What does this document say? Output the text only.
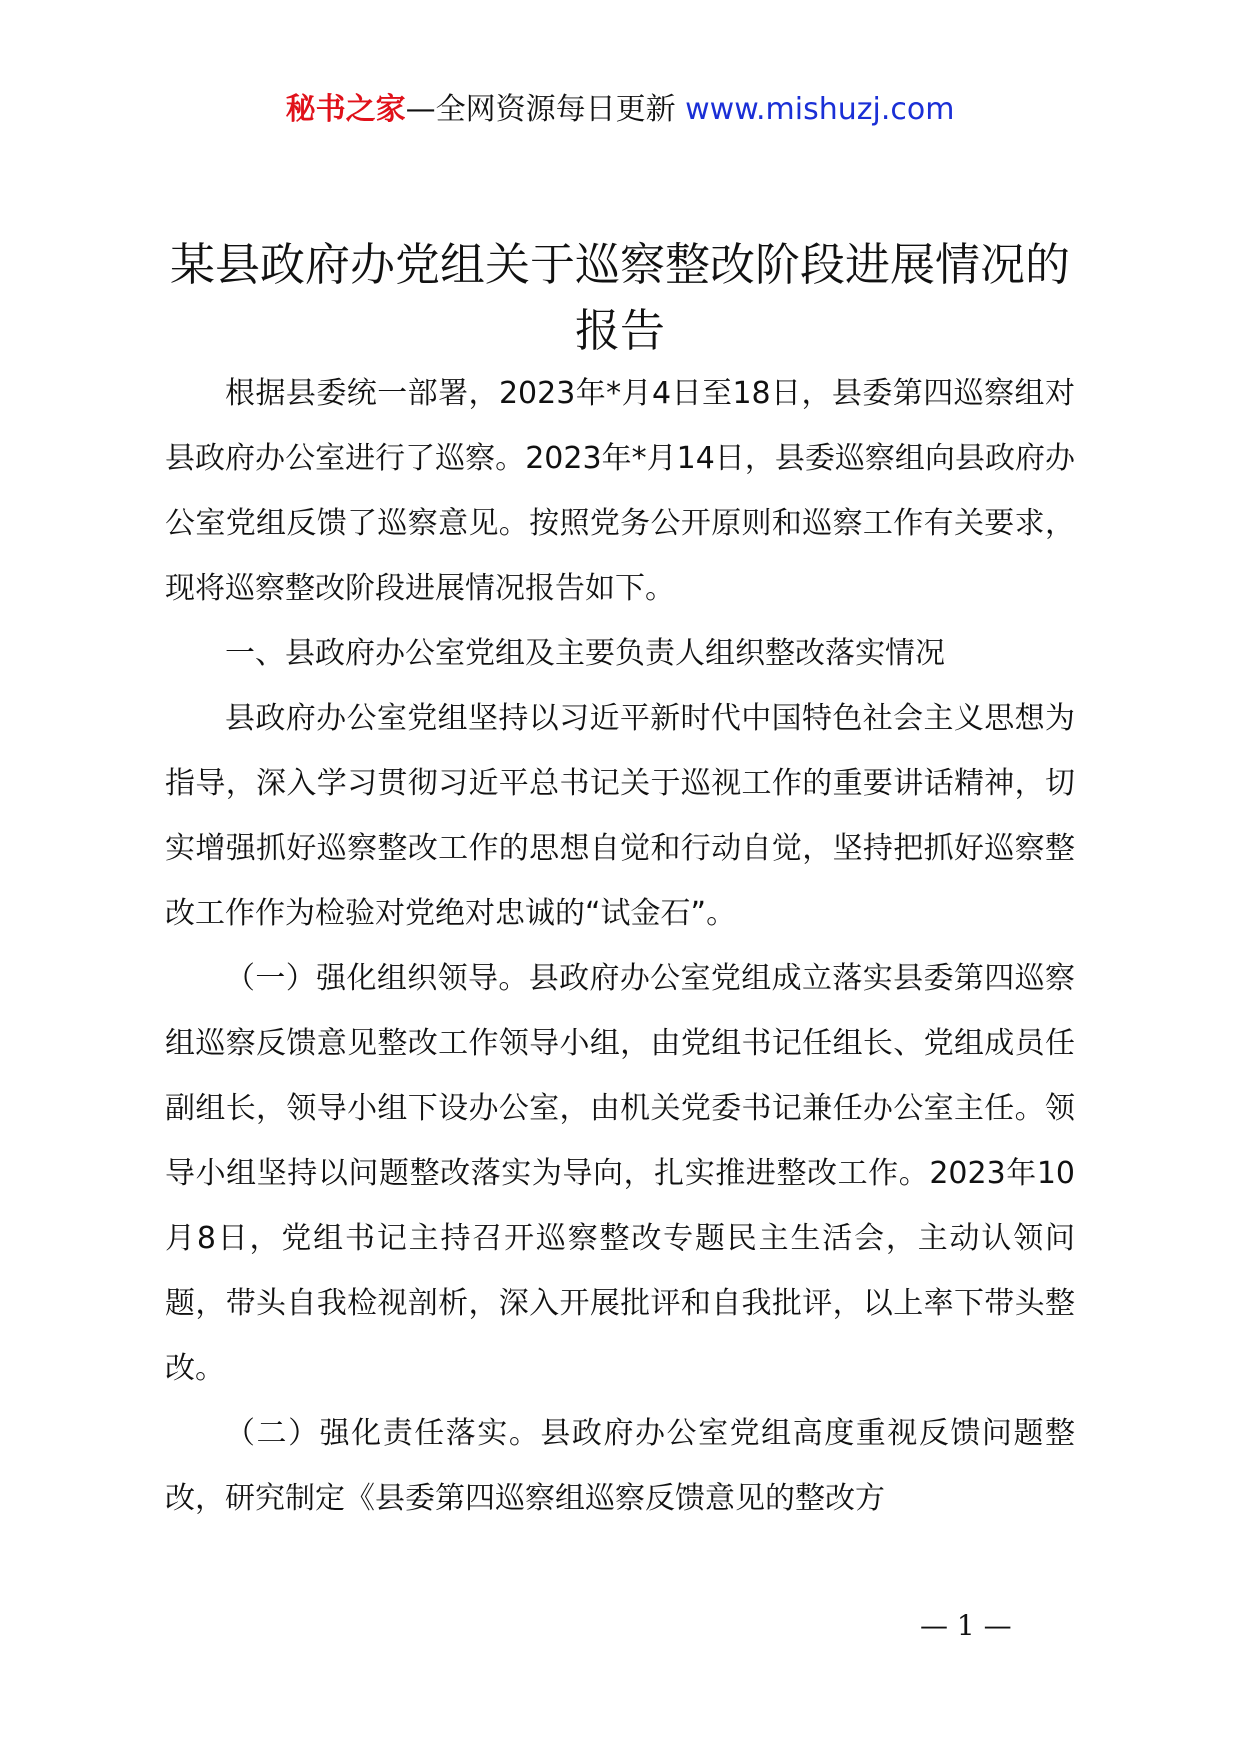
秘书之家—全网资源每日更新 www.mishuzj.com
某县政府办党组关于巡察整改阶段进展情况的报告

根据县委统一部署，2023年*月4日至18日，县委第四巡察组对县政府办公室进行了巡察。2023年*月14日，县委巡察组向县政府办公室党组反馈了巡察意见。按照党务公开原则和巡察工作有关要求，现将巡察整改阶段进展情况报告如下。

一、县政府办公室党组及主要负责人组织整改落实情况

县政府办公室党组坚持以习近平新时代中国特色社会主义思想为指导，深入学习贯彻习近平总书记关于巡视工作的重要讲话精神，切实增强抓好巡察整改工作的思想自觉和行动自觉，坚持把抓好巡察整改工作作为检验对党绝对忠诚的“试金石”。

（一）强化组织领导。县政府办公室党组成立落实县委第四巡察组巡察反馈意见整改工作领导小组，由党组书记任组长、党组成员任副组长，领导小组下设办公室，由机关党委书记兼任办公室主任。领导小组坚持以问题整改落实为导向，扎实推进整改工作。2023年10月8日，党组书记主持召开巡察整改专题民主生活会，主动认领问题，带头自我检视剖析，深入开展批评和自我批评，以上率下带头整改。

（二）强化责任落实。县政府办公室党组高度重视反馈问题整改，研究制定《县委第四巡察组巡察反馈意见的整改方

— 1 —
